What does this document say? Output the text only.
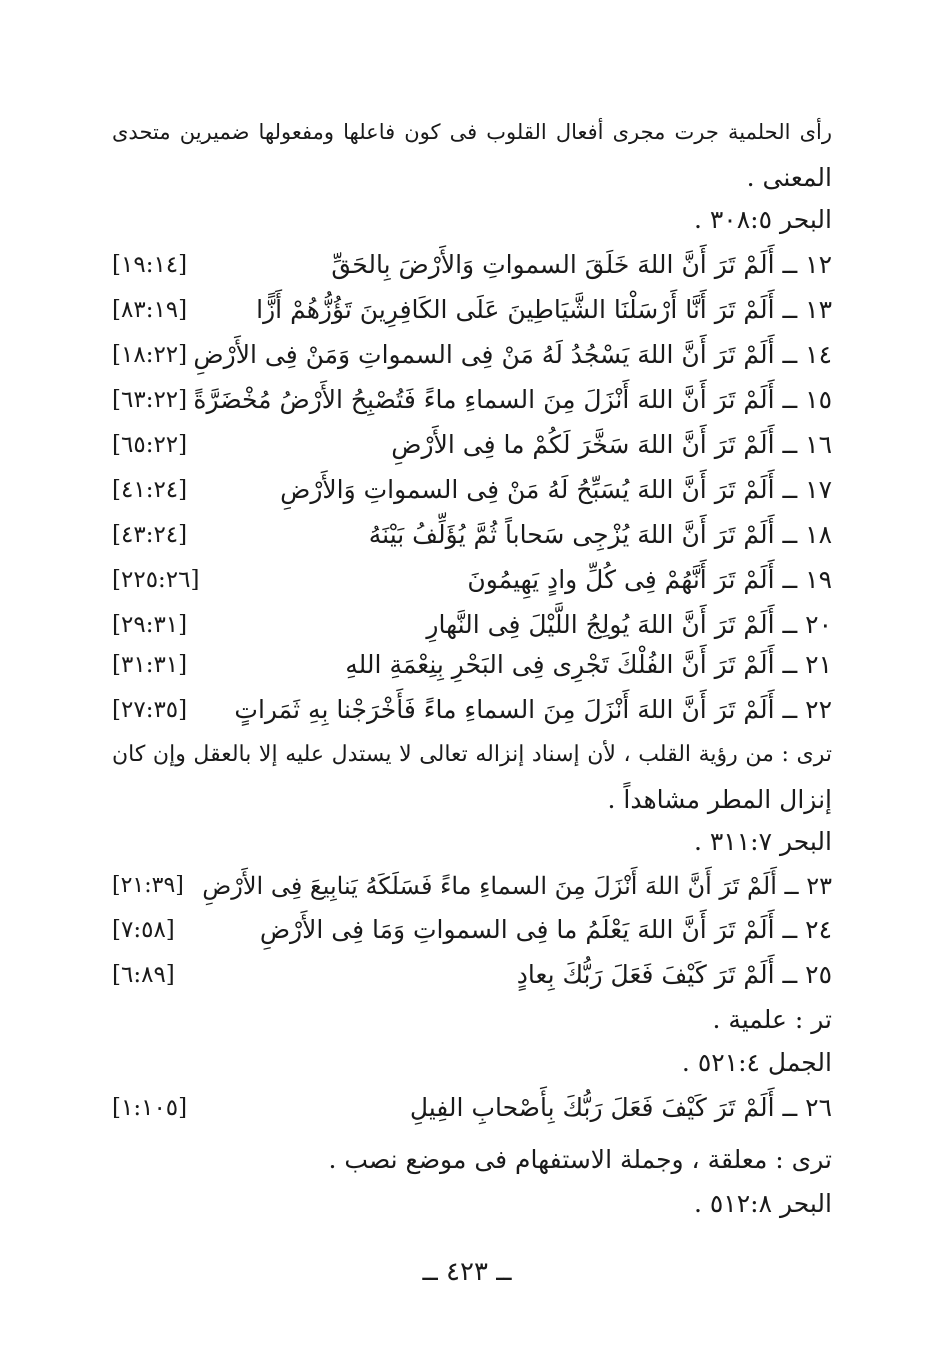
رأى الحلمية جرت مجرى أفعال القلوب فى كون فاعلها ومفعولها ضميرين متحدى
المعنى .
البحر ٣٠٨:٥ .
١٢ ــ أَلَمْ تَرَ أَنَّ اللهَ خَلَقَ السمواتِ وَالأَرْضَ بِالحَقِّ
[١٩:١٤]
١٣ ــ أَلَمْ تَرَ أَنَّا أَرْسَلْنَا الشَّيَاطِينَ عَلَى الكَافِرِينَ تَؤُزُّهُمْ أَزًّا
[٨٣:١٩]
١٤ ــ أَلَمْ تَرَ أَنَّ اللهَ يَسْجُدُ لَهُ مَنْ فِى السمواتِ وَمَنْ فِى الأَرْضِ
[١٨:٢٢]
١٥ ــ أَلَمْ تَرَ أَنَّ اللهَ أَنْزَلَ مِنَ السماءِ ماءً فَتُصْبِحُ الأَرْضُ مُخْضَرَّةً
[٦٣:٢٢]
١٦ ــ أَلَمْ تَرَ أَنَّ اللهَ سَخَّرَ لَكُمْ ما فِى الأَرْضِ
[٦٥:٢٢]
١٧ ــ أَلَمْ تَرَ أَنَّ اللهَ يُسَبِّحُ لَهُ مَنْ فِى السمواتِ وَالأَرْضِ
[٤١:٢٤]
١٨ ــ أَلَمْ تَرَ أَنَّ اللهَ يُزْجِى سَحاباً ثُمَّ يُؤَلِّفُ بَيْنَهُ
[٤٣:٢٤]
١٩ ــ أَلَمْ تَرَ أَنَّهُمْ فِى كُلِّ وادٍ يَهِيمُونَ
[٢٢٥:٢٦]
٢٠ ــ أَلَمْ تَرَ أَنَّ اللهَ يُولِجُ اللَّيْلَ فِى النَّهارِ
[٢٩:٣١]
٢١ ــ أَلَمْ تَرَ أَنَّ الفُلْكَ تَجْرِى فِى البَحْرِ بِنِعْمَةِ اللهِ
[٣١:٣١]
٢٢ ــ أَلَمْ تَرَ أَنَّ اللهَ أَنْزَلَ مِنَ السماءِ ماءً فَأَخْرَجْنا بِهِ ثَمَراتٍ
[٢٧:٣٥]
ترى : من رؤية القلب ، لأن إسناد إنزاله تعالى لا يستدل عليه إلا بالعقل وإن كان
إنزال المطر مشاهداً .
البحر ٣١١:٧ .
٢٣ ــ أَلَمْ تَرَ أَنَّ اللهَ أَنْزَلَ مِنَ السماءِ ماءً فَسَلَكَهُ يَنابِيعَ فِى الأَرْضِ
[٢١:٣٩]
٢٤ ــ أَلَمْ تَرَ أَنَّ اللهَ يَعْلَمُ ما فِى السمواتِ وَمَا فِى الأَرْضِ
[٧:٥٨]
٢٥ ــ أَلَمْ تَرَ كَيْفَ فَعَلَ رَبُّكَ بِعادٍ
[٦:٨٩]
تر : علمية .
الجمل ٥٢١:٤ .
٢٦ ــ أَلَمْ تَرَ كَيْفَ فَعَلَ رَبُّكَ بِأَصْحابِ الفِيلِ
[١:١٠٥]
ترى : معلقة ، وجملة الاستفهام فى موضع نصب .
البحر ٥١٢:٨ .
ــ ٤٢٣ ــ
